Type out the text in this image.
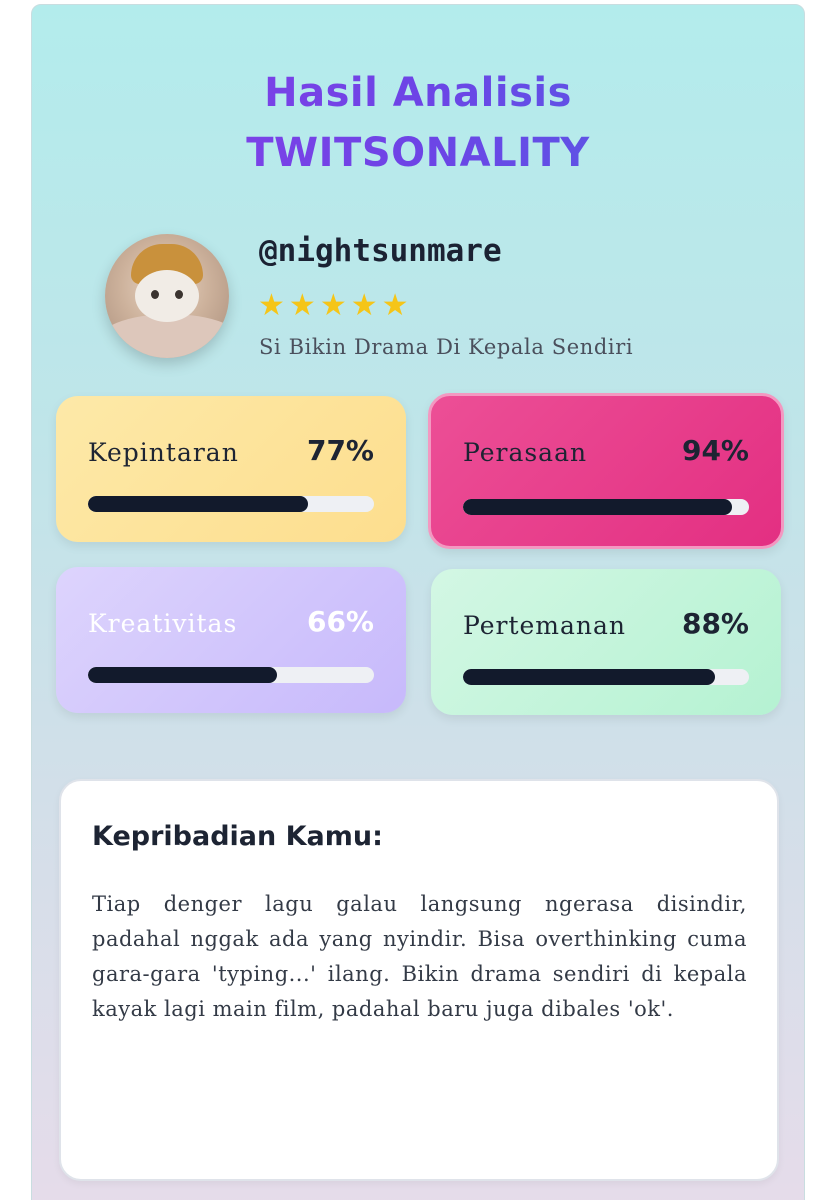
Hasil Analisis
TWITSONALITY
@nightsunmare
★ ★ ★ ★ ★
Si Bikin Drama Di Kepala Sendiri
Kepintaran 77%	Perasaan	94%
Kreativitas 66%	Pertemanan 88%
Kepribadian Kamu:
Tiap denger lagu galau langsung ngerasa disindir, padahal nggak ada yang nyindir. Bisa overthinking cuma gara-gara 'typing...' ilang. Bikin drama sendiri di kepala kayak lagi main film, padahal baru juga dibales 'ok'.
